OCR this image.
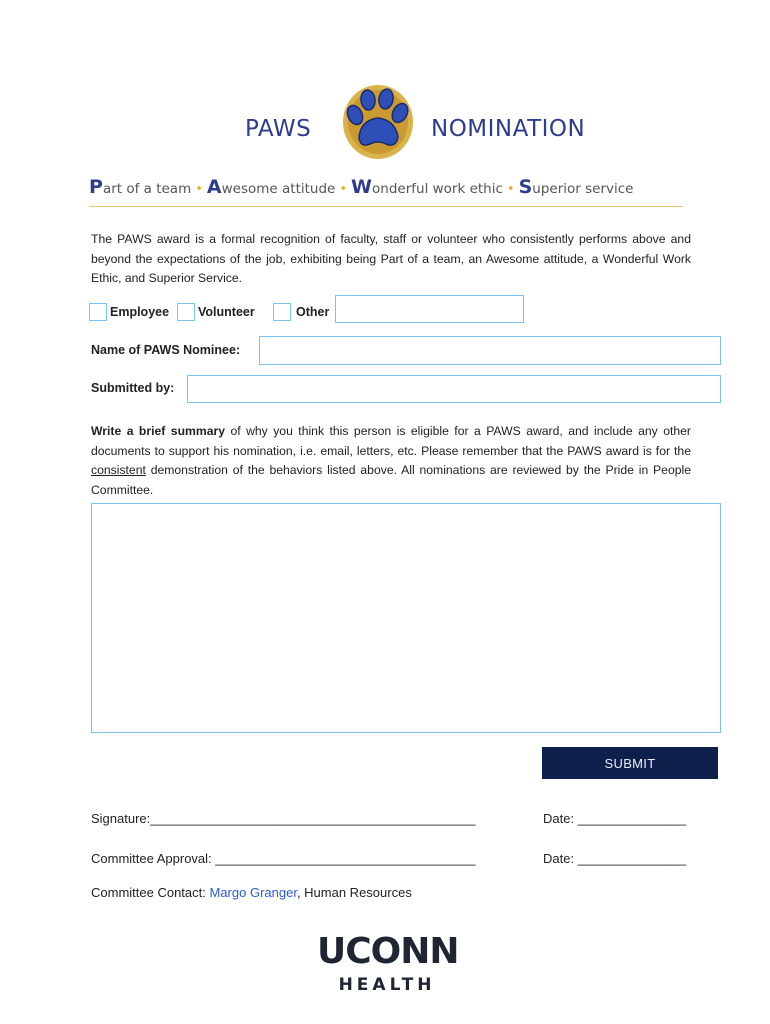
PAWS	NOMINATION
Part of a team • Awesome attitude • Wonderful work ethic • Superior service
The PAWS award is a formal recognition of faculty, staff or volunteer who consistently performs above and beyond the expectations of the job, exhibiting being Part of a team, an Awesome attitude, a Wonderful Work Ethic, and Superior Service.
Employee Volunteer	Other
Name of PAWS Nominee:
Submitted by:
Write a brief summary of why you think this person is eligible for a PAWS award, and include any other documents to support his nomination, i.e. email, letters, etc. Please remember that the PAWS award is for the consistent demonstration of the behaviors listed above. All nominations are reviewed by the Pride in People Committee.
SUBMIT
Signature:_____________________________________________	Date: _______________
Committee Approval: ____________________________________	Date: _______________
Committee Contact: Margo Granger, Human Resources
UCONN
HEALTH
